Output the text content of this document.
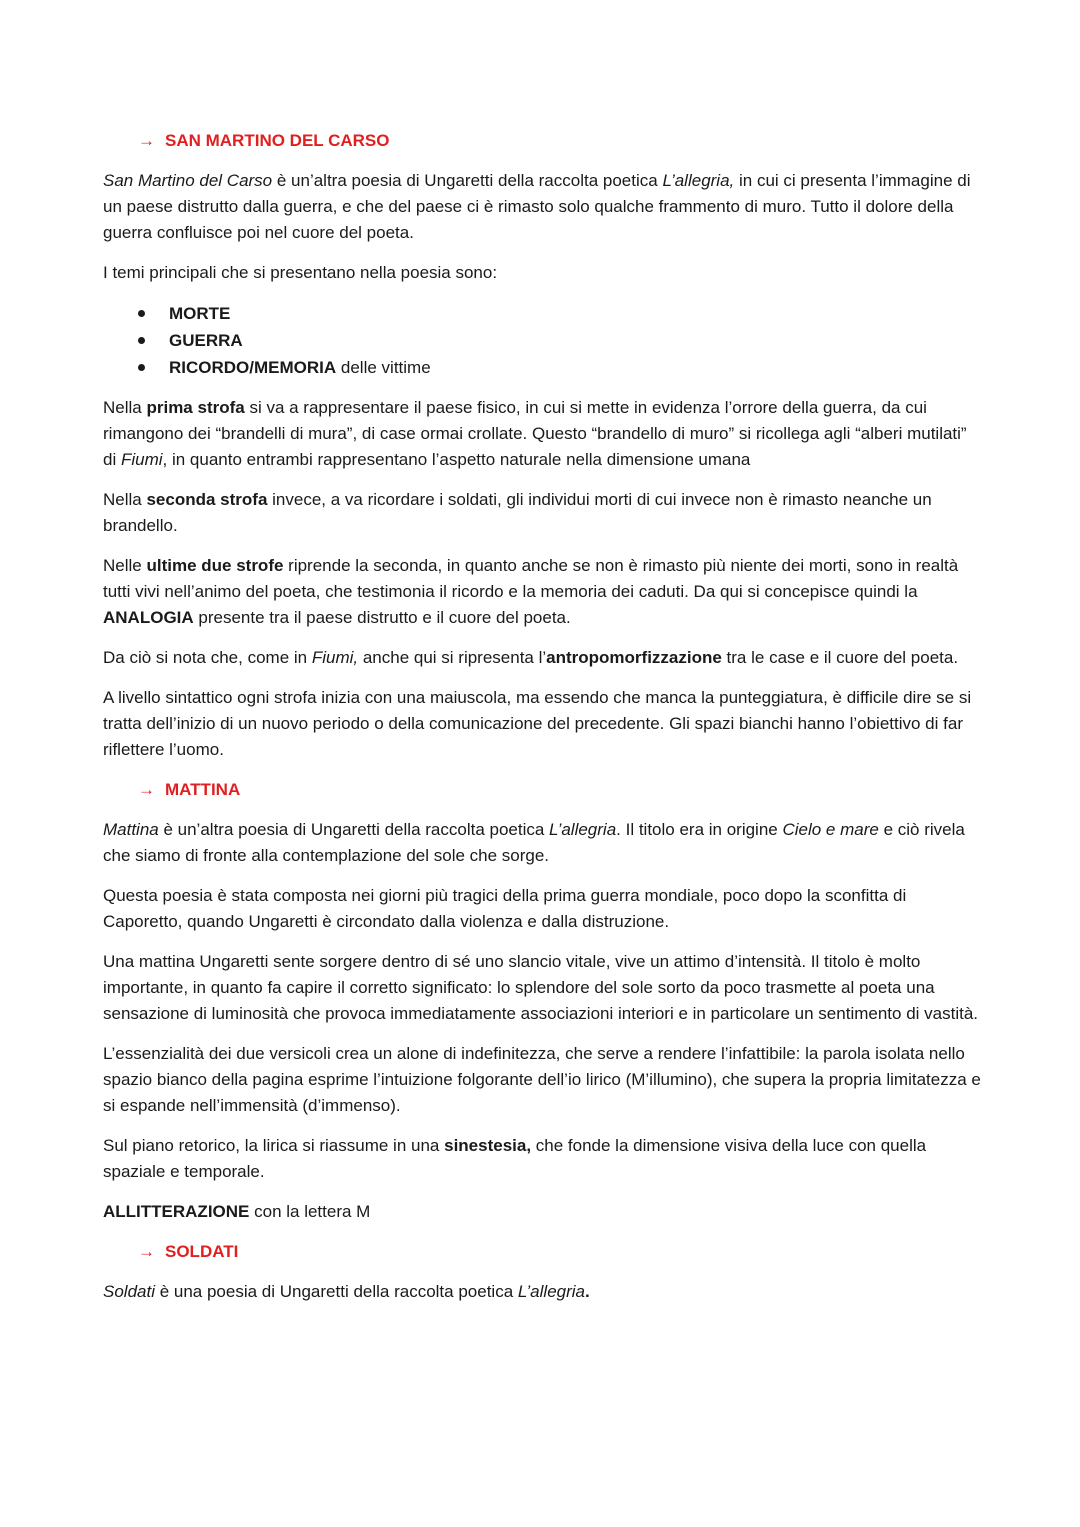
→ SAN MARTINO DEL CARSO

San Martino del Carso è un’altra poesia di Ungaretti della raccolta poetica L’allegria, in cui ci presenta l’immagine di un paese distrutto dalla guerra, e che del paese ci è rimasto solo qualche frammento di muro. Tutto il dolore della guerra confluisce poi nel cuore del poeta.

I temi principali che si presentano nella poesia sono:

MORTE
GUERRA
RICORDO/MEMORIA delle vittime

Nella prima strofa si va a rappresentare il paese fisico, in cui si mette in evidenza l’orrore della guerra, da cui rimangono dei “brandelli di mura”, di case ormai crollate. Questo “brandello di muro” si ricollega agli “alberi mutilati” di Fiumi, in quanto entrambi rappresentano l’aspetto naturale nella dimensione umana

Nella seconda strofa invece, a va ricordare i soldati, gli individui morti di cui invece non è rimasto neanche un brandello.

Nelle ultime due strofe riprende la seconda, in quanto anche se non è rimasto più niente dei morti, sono in realtà tutti vivi nell’animo del poeta, che testimonia il ricordo e la memoria dei caduti. Da qui si concepisce quindi la ANALOGIA presente tra il paese distrutto e il cuore del poeta.

Da ciò si nota che, come in Fiumi, anche qui si ripresenta l’antropomorfizzazione tra le case e il cuore del poeta.

A livello sintattico ogni strofa inizia con una maiuscola, ma essendo che manca la punteggiatura, è difficile dire se si tratta dell’inizio di un nuovo periodo o della comunicazione del precedente. Gli spazi bianchi hanno l’obiettivo di far riflettere l’uomo.

→ MATTINA

Mattina è un’altra poesia di Ungaretti della raccolta poetica L’allegria. Il titolo era in origine Cielo e mare e ciò rivela che siamo di fronte alla contemplazione del sole che sorge.

Questa poesia è stata composta nei giorni più tragici della prima guerra mondiale, poco dopo la sconfitta di Caporetto, quando Ungaretti è circondato dalla violenza e dalla distruzione.

Una mattina Ungaretti sente sorgere dentro di sé uno slancio vitale, vive un attimo d’intensità. Il titolo è molto importante, in quanto fa capire il corretto significato: lo splendore del sole sorto da poco trasmette al poeta una sensazione di luminosità che provoca immediatamente associazioni interiori e in particolare un sentimento di vastità.

L’essenzialità dei due versicoli crea un alone di indefinitezza, che serve a rendere l’infattibile: la parola isolata nello spazio bianco della pagina esprime l’intuizione folgorante dell’io lirico (M’illumino), che supera la propria limitatezza e si espande nell’immensità (d’immenso).

Sul piano retorico, la lirica si riassume in una sinestesia, che fonde la dimensione visiva della luce con quella spaziale e temporale.

ALLITTERAZIONE con la lettera M

→ SOLDATI

Soldati è una poesia di Ungaretti della raccolta poetica L’allegria.
